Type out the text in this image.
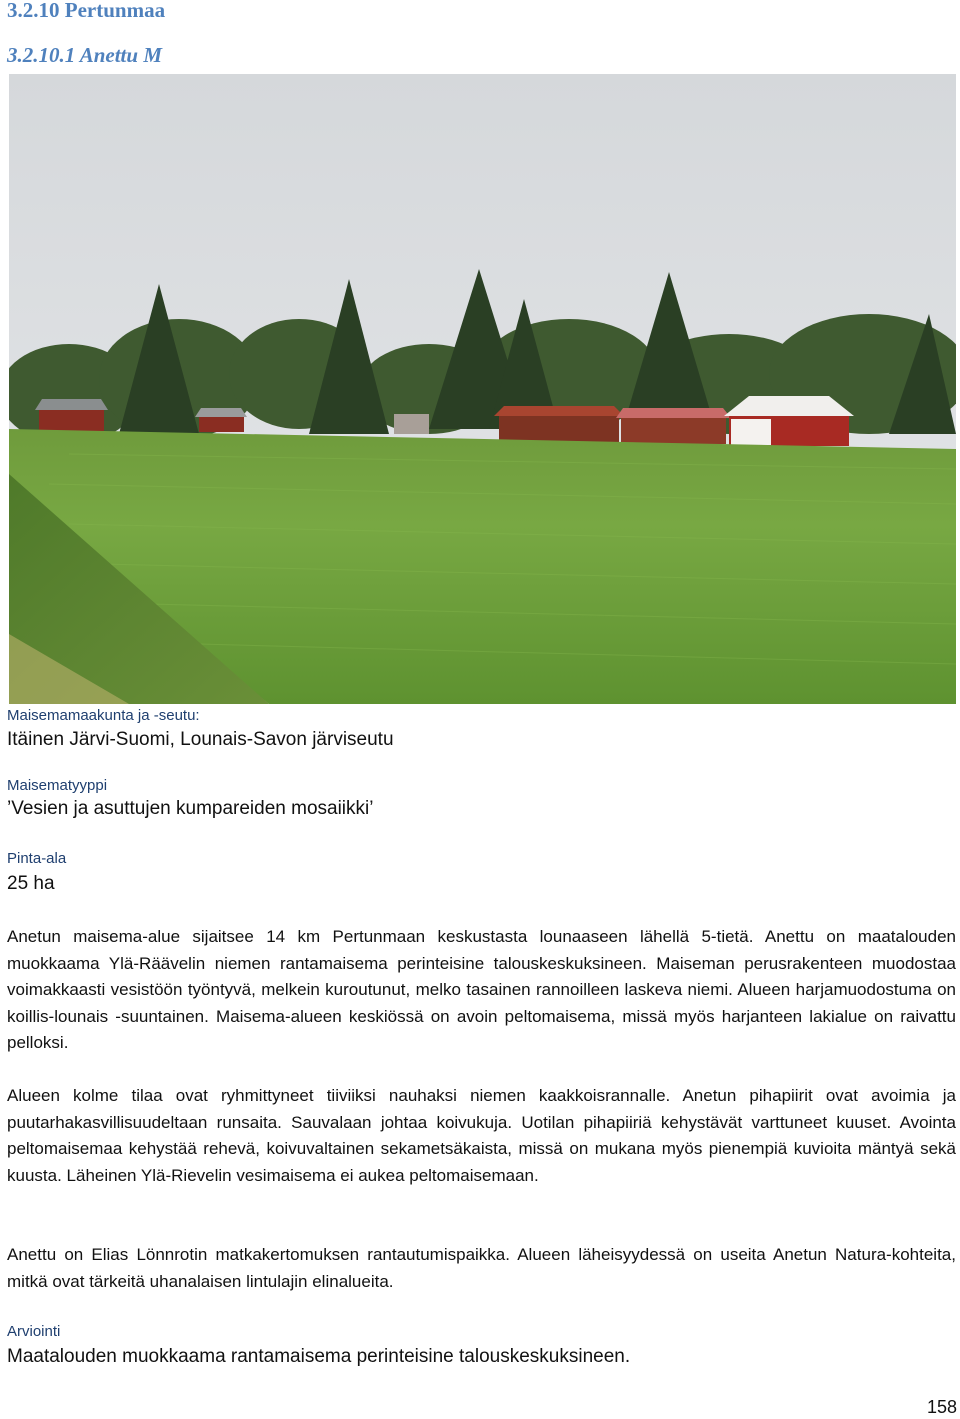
3.2.10 Pertunmaa
3.2.10.1 Anettu M
Maisemamaakunta ja -seutu:
Itäinen Järvi-Suomi, Lounais-Savon järviseutu
Maisematyyppi
’Vesien ja asuttujen kumpareiden mosaiikki’
Pinta-ala
25 ha

Anetun maisema-alue sijaitsee 14 km Pertunmaan keskustasta lounaaseen lähellä 5-tietä. Anettu on maatalouden muokkaama Ylä-Räävelin niemen rantamaisema perinteisine talouskeskuksineen. Maiseman perusrakenteen muodostaa voimakkaasti vesistöön työntyvä, melkein kuroutunut, melko tasainen rannoilleen laskeva niemi. Alueen harjamuodostuma on koillis-lounais -suuntainen. Maisema-alueen keskiössä on avoin peltomaisema, missä myös harjanteen lakialue on raivattu pelloksi.

Alueen kolme tilaa ovat ryhmittyneet tiiviiksi nauhaksi niemen kaakkoisrannalle. Anetun pihapiirit ovat avoimia ja puutarhakasvillisuudeltaan runsaita. Sauvalaan johtaa koivukuja. Uotilan pihapiiriä kehystävät varttuneet kuuset. Avointa peltomaisemaa kehystää rehevä, koivuvaltainen sekametsäkaista, missä on mukana myös pienempiä kuvioita mäntyä sekä kuusta. Läheinen Ylä-Rievelin vesimaisema ei aukea peltomaisemaan.

Anettu on Elias Lönnrotin matkakertomuksen rantautumispaikka. Alueen läheisyydessä on useita Anetun Natura-kohteita, mitkä ovat tärkeitä uhanalaisen lintulajin elinalueita.

Arviointi
Maatalouden muokkaama rantamaisema perinteisine talouskeskuksineen.
158
